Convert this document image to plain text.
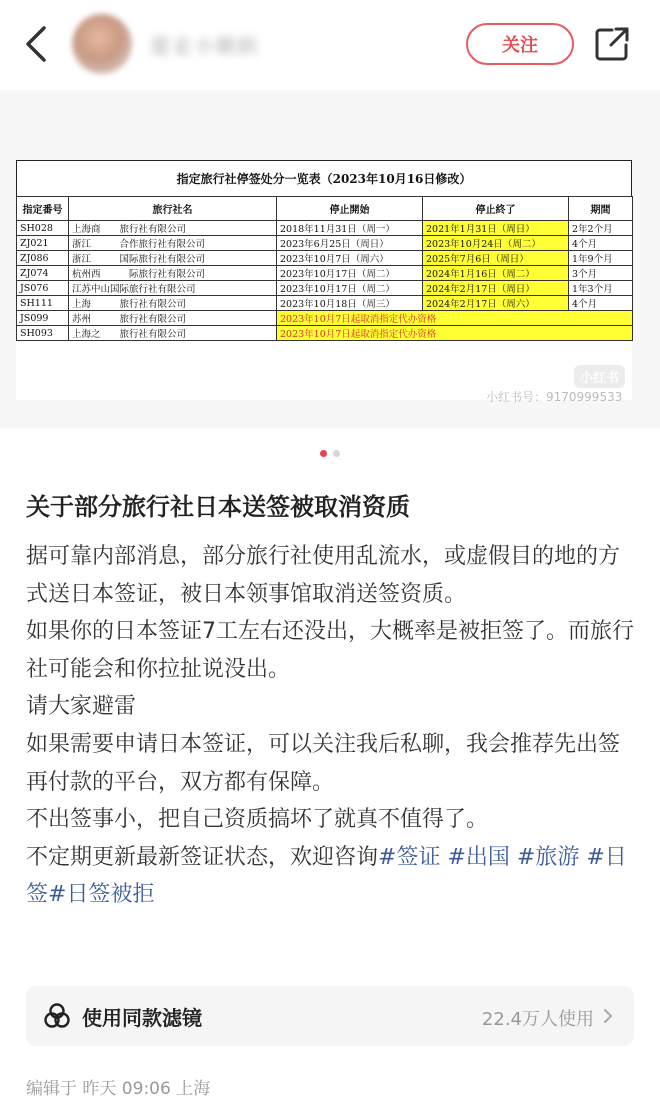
爱走小顺跃	关注
指定旅行社停签处分一览表（2023年10月16日修改）
指定番号	旅行社名	停止開始	停止終了	期間
SH028	上海商　　旅行社有限公司	2018年11月31日（周一）	2021年1月31日（周日）	2年2个月
ZJ021	浙江　　　合作旅行社有限公司	2023年6月25日（周日）	2023年10月24日（周二）	4个月
ZJ086	浙江　　　国际旅行社有限公司	2023年10月7日（周六）	2025年7月6日（周日）	1年9个月
ZJ074	杭州西　　　际旅行社有限公司	2023年10月17日（周二）	2024年1月16日（周二）	3个月
JS076	江苏中山国际旅行社有限公司	2023年10月17日（周二）	2024年2月17日（周日）	1年3个月
SH111	上海　　　旅行社有限公司	2023年10月18日（周三）	2024年2月17日（周六）	4个月
JS099	苏州　　　旅行社有限公司	2023年10月7日起取消指定代办资格		
SH093	上海之　　旅行社有限公司	2023年10月7日起取消指定代办资格		
小红书
小红书号：9170999533
关于部分旅行社日本送签被取消资质

据可靠内部消息，部分旅行社使用乱流水，或虚假目的地的方式送日本签证，被日本领事馆取消送签资质。

如果你的日本签证7工左右还没出，大概率是被拒签了。而旅行社可能会和你拉扯说没出。

请大家避雷

如果需要申请日本签证，可以关注我后私聊，我会推荐先出签再付款的平台，双方都有保障。

不出签事小，把自己资质搞坏了就真不值得了。

不定期更新最新签证状态，欢迎咨询#签证 #出国 #旅游 #日签#日签被拒

使用同款滤镜	22.4万人使用
编辑于 昨天 09:06 上海
